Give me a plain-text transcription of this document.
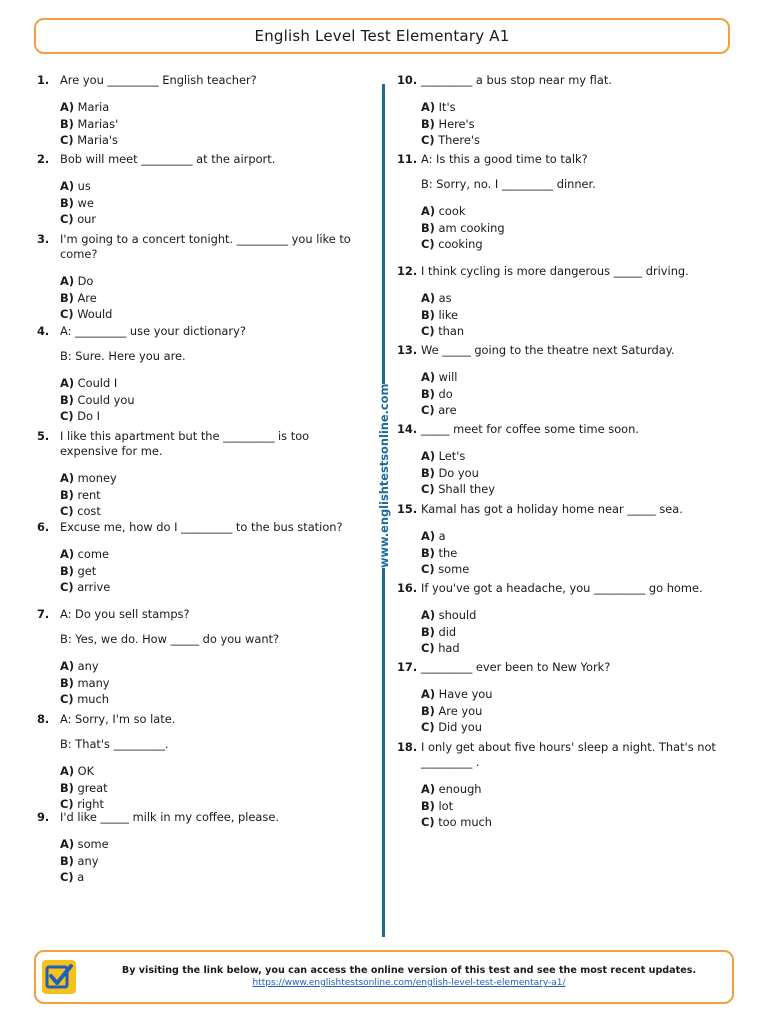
English Level Test Elementary A1
1. Are you _________ English teacher?
A) Maria
B) Marias'
C) Maria's
2. Bob will meet _________ at the airport.
A) us
B) we
C) our
3. I'm going to a concert tonight. _________ you like to come?
A) Do
B) Are
C) Would
4. A: _________ use your dictionary?
B: Sure. Here you are.
A) Could I
B) Could you
C) Do I
5. I like this apartment but the _________ is too expensive for me.
A) money
B) rent
C) cost
6. Excuse me, how do I _________ to the bus station?
A) come
B) get
C) arrive
7. A: Do you sell stamps?
B: Yes, we do. How _____ do you want?
A) any
B) many
C) much
8. A: Sorry, I'm so late.
B: That's _________.
A) OK
B) great
C) right
9. I'd like _____ milk in my coffee, please.
A) some
B) any
C) a
www.englishtestsonline.com
10. _________ a bus stop near my flat.
A) It's
B) Here's
C) There's
11. A: Is this a good time to talk?
B: Sorry, no. I _________ dinner.
A) cook
B) am cooking
C) cooking
12. I think cycling is more dangerous _____ driving.
A) as
B) like
C) than
13. We _____ going to the theatre next Saturday.
A) will
B) do
C) are
14. _____ meet for coffee some time soon.
A) Let's
B) Do you
C) Shall they
15. Kamal has got a holiday home near _____ sea.
A) a
B) the
C) some
16. If you've got a headache, you _________ go home.
A) should
B) did
C) had
17. _________ ever been to New York?
A) Have you
B) Are you
C) Did you
18. I only get about five hours' sleep a night. That's not _________ .
A) enough
B) lot
C) too much
By visiting the link below, you can access the online version of this test and see the most recent updates.
https://www.englishtestsonline.com/english-level-test-elementary-a1/
